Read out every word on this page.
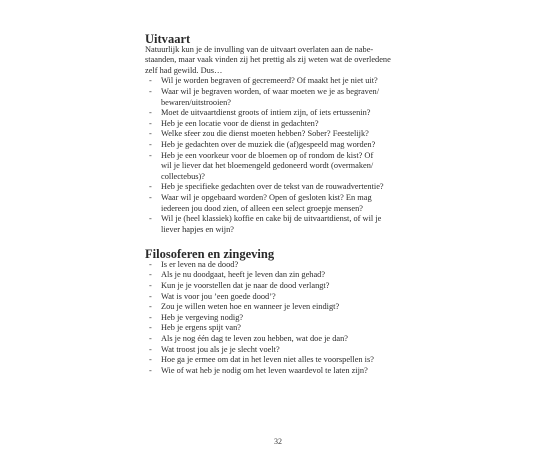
Uitvaart

Natuurlijk kun je de invulling van de uitvaart overlaten aan de nabe-
staanden, maar vaak vinden zij het prettig als zij weten wat de overledene
zelf had gewild. Dus…

- Wil je worden begraven of gecremeerd? Of maakt het je niet uit?
- Waar wil je begraven worden, of waar moeten we je as begraven/
bewaren/uitstrooien?
- Moet de uitvaartdienst groots of intiem zijn, of iets ertussenin?
- Heb je een locatie voor de dienst in gedachten?
- Welke sfeer zou die dienst moeten hebben? Sober? Feestelijk?
- Heb je gedachten over de muziek die (af)gespeeld mag worden?
- Heb je een voorkeur voor de bloemen op of rondom de kist? Of
wil je liever dat het bloemengeld gedoneerd wordt (overmaken/
collectebus)?
- Heb je specifieke gedachten over de tekst van de rouwadvertentie?
- Waar wil je opgebaard worden? Open of gesloten kist? En mag
iedereen jou dood zien, of alleen een select groepje mensen?
- Wil je (heel klassiek) koffie en cake bij de uitvaartdienst, of wil je
liever hapjes en wijn?
Filosoferen en zingeving
- Is er leven na de dood?
- Als je nu doodgaat, heeft je leven dan zin gehad?
- Kun je je voorstellen dat je naar de dood verlangt?
- Wat is voor jou ’een goede dood’?
- Zou je willen weten hoe en wanneer je leven eindigt?
- Heb je vergeving nodig?
- Heb je ergens spijt van?
- Als je nog één dag te leven zou hebben, wat doe je dan?
- Wat troost jou als je je slecht voelt?
- Hoe ga je ermee om dat in het leven niet alles te voorspellen is?
- Wie of wat heb je nodig om het leven waardevol te laten zijn?
32
